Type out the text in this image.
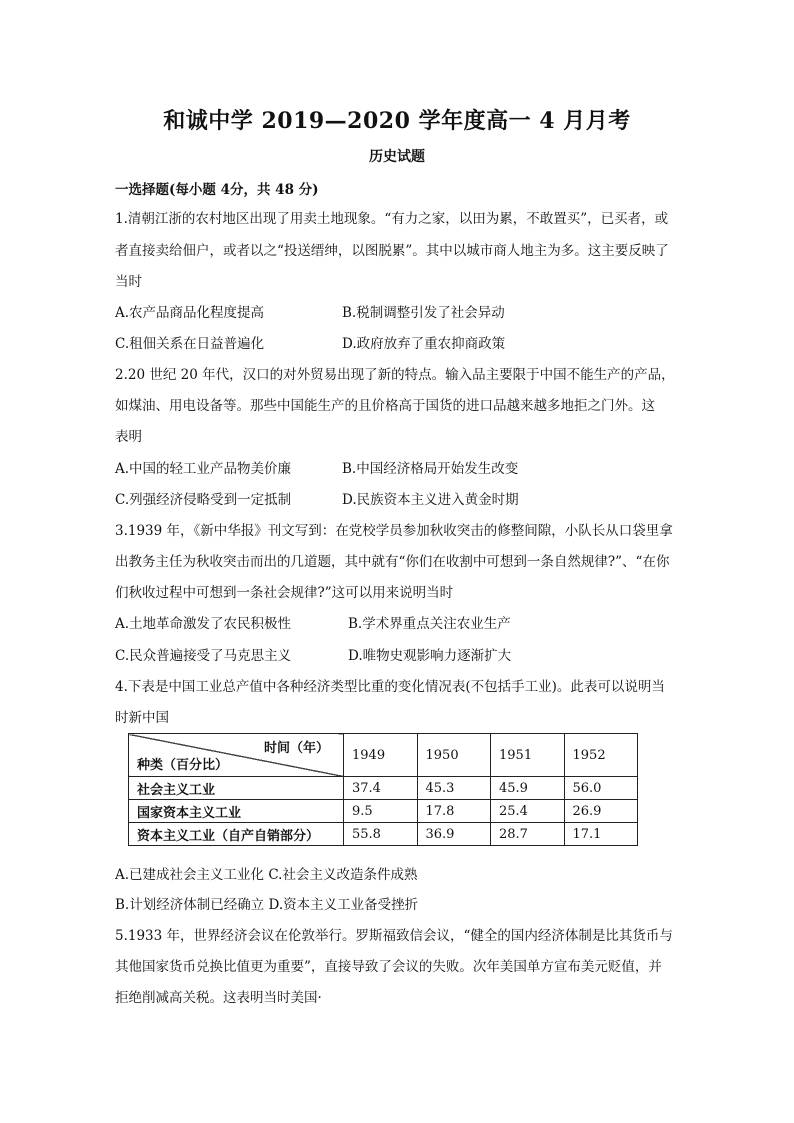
和诚中学 2019—2020 学年度高一 4 月月考
历史试题
一选择题(每小题 4分，共 48 分)
1.清朝江浙的农村地区出现了用卖土地现象。“有力之家，以田为累，不敢置买”，已买者，或
者直接卖给佃户，或者以之“投送缙绅，以图脱累”。其中以城市商人地主为多。这主要反映了
当时
A.农产品商品化程度提高	B.税制调整引发了社会异动
C.租佃关系在日益普遍化	D.政府放弃了重农抑商政策
2.20 世纪 20 年代，汉口的对外贸易出现了新的特点。输入品主要限于中国不能生产的产品，
如煤油、用电设备等。那些中国能生产的且价格高于国货的进口品越来越多地拒之门外。这
表明
A.中国的轻工业产品物美价廉	B.中国经济格局开始发生改变
C.列强经济侵略受到一定抵制	D.民族资本主义进入黄金时期
3.1939 年，《新中华报》刊文写到：在党校学员参加秋收突击的修整间隙，小队长从口袋里拿
出教务主任为秋收突击而出的几道题，其中就有“你们在收割中可想到一条自然规律?”、“在你
们秋收过程中可想到一条社会规律?”这可以用来说明当时
A.土地革命激发了农民积极性	B.学术界重点关注农业生产
C.民众普遍接受了马克思主义	D.唯物史观影响力逐渐扩大
4.下表是中国工业总产值中各种经济类型比重的变化情况表(不包括手工业)。此表可以说明当
时新中国
时间（年）
种类（百分比）	1949	1950	1951	1952
社会主义工业	37.4	45.3	45.9	56.0
国家资本主义工业	9.5	17.8	25.4	26.9
资本主义工业（自产自销部分）	55.8	36.9	28.7	17.1
A.已建成社会主义工业化 C.社会主义改造条件成熟
B.计划经济体制已经确立 D.资本主义工业备受挫折
5.1933 年，世界经济会议在伦敦举行。罗斯福致信会议，“健全的国内经济体制是比其货币与
其他国家货币兑换比值更为重要”，直接导致了会议的失败。次年美国单方宣布美元贬值，并
拒绝削减高关税。这表明当时美国·
